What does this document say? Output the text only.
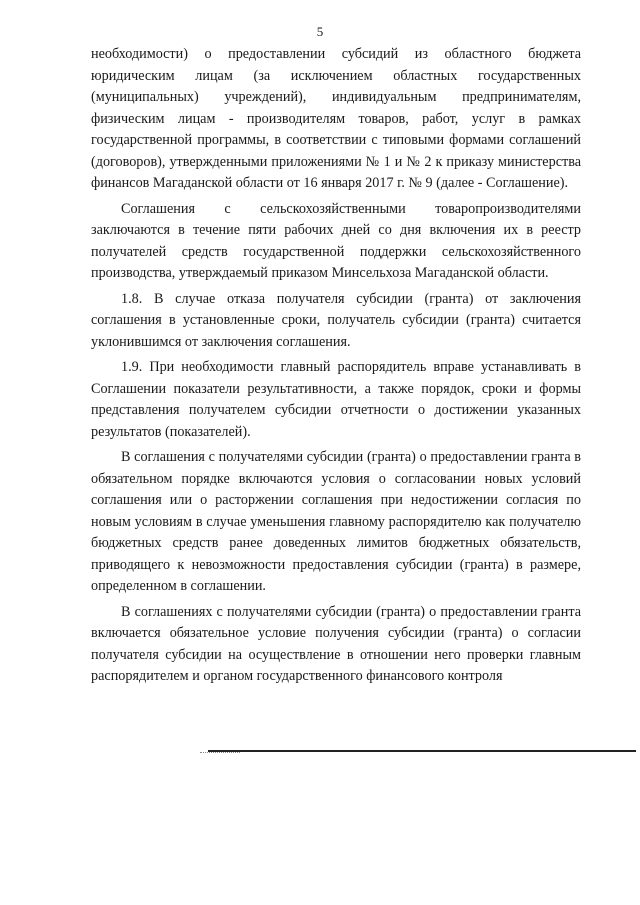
5

необходимости) о предоставлении субсидий из областного бюджета юридическим лицам (за исключением областных государственных (муниципальных) учреждений), индивидуальным предпринимателям, физическим лицам - производителям товаров, работ, услуг в рамках государственной программы, в соответствии с типовыми формами соглашений (договоров), утвержденными приложениями № 1 и № 2 к приказу министерства финансов Магаданской области от 16 января 2017 г. № 9 (далее - Соглашение).

Соглашения с сельскохозяйственными товаропроизводителями заключаются в течение пяти рабочих дней со дня включения их в реестр получателей средств государственной поддержки сельскохозяйственного производства, утверждаемый приказом Минсельхоза Магаданской области.

1.8. В случае отказа получателя субсидии (гранта) от заключения соглашения в установленные сроки, получатель субсидии (гранта) считается уклонившимся от заключения соглашения.

1.9. При необходимости главный распорядитель вправе устанавливать в Соглашении показатели результативности, а также порядок, сроки и формы представления получателем субсидии отчетности о достижении указанных результатов (показателей).

В соглашения с получателями субсидии (гранта) о предоставлении гранта в обязательном порядке включаются условия о согласовании новых условий соглашения или о расторжении соглашения при недостижении согласия по новым условиям в случае уменьшения главному распорядителю как получателю бюджетных средств ранее доведенных лимитов бюджетных обязательств, приводящего к невозможности предоставления субсидии (гранта) в размере, определенном в соглашении.

В соглашениях с получателями субсидии (гранта) о предоставлении гранта включается обязательное условие получения субсидии (гранта) о согласии получателя субсидии на осуществление в отношении него проверки главным распорядителем и органом государственного финансового контроля
